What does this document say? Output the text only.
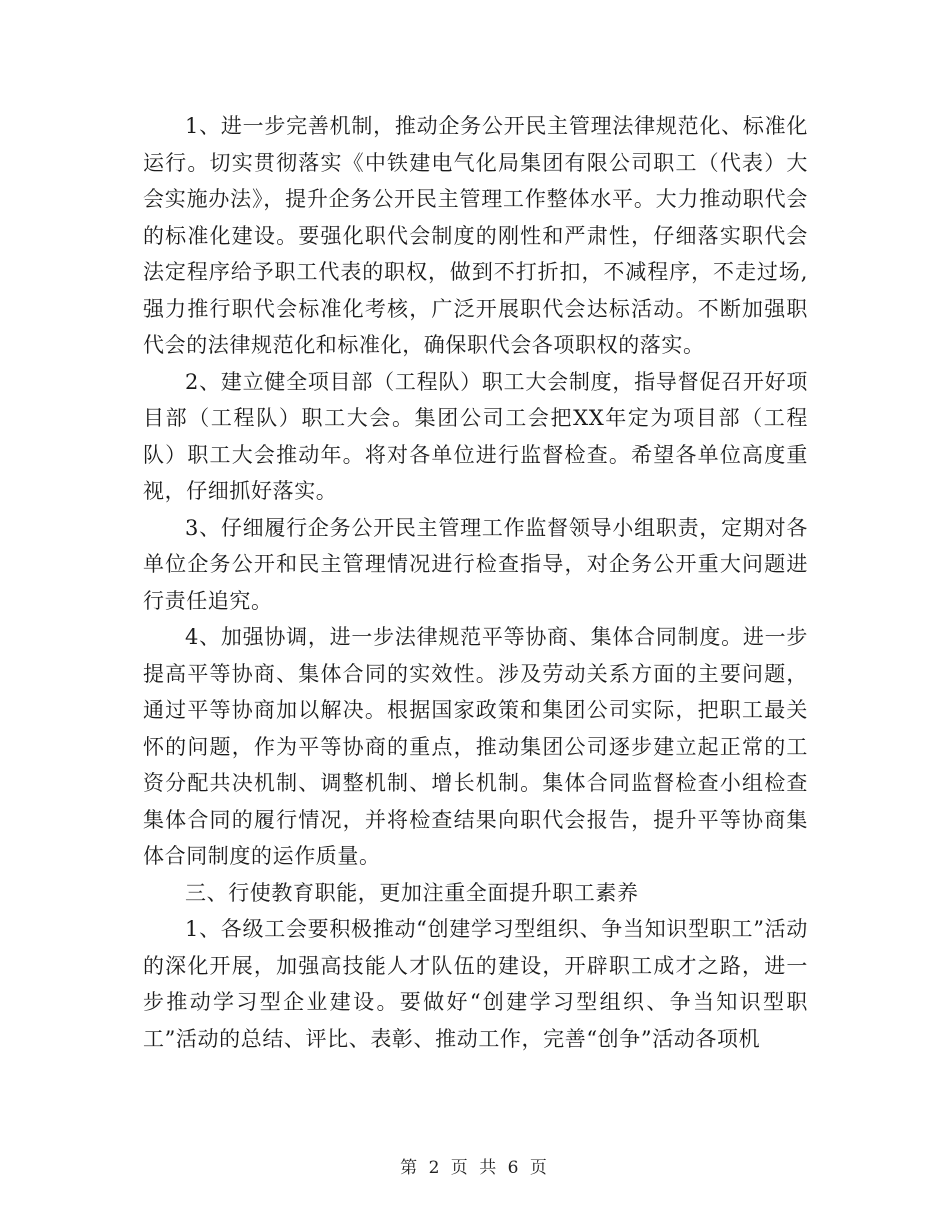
1、进一步完善机制，推动企务公开民主管理法律规范化、标准化运行。切实贯彻落实《中铁建电气化局集团有限公司职工（代表）大会实施办法》，提升企务公开民主管理工作整体水平。大力推动职代会的标准化建设。要强化职代会制度的刚性和严肃性，仔细落实职代会法定程序给予职工代表的职权，做到不打折扣，不减程序，不走过场,强力推行职代会标准化考核，广泛开展职代会达标活动。不断加强职代会的法律规范化和标准化，确保职代会各项职权的落实。

2、建立健全项目部（工程队）职工大会制度，指导督促召开好项目部（工程队）职工大会。集团公司工会把XX年定为项目部（工程队）职工大会推动年。将对各单位进行监督检查。希望各单位高度重视，仔细抓好落实。

3、仔细履行企务公开民主管理工作监督领导小组职责，定期对各单位企务公开和民主管理情况进行检查指导，对企务公开重大问题进行责任追究。

4、加强协调，进一步法律规范平等协商、集体合同制度。进一步提高平等协商、集体合同的实效性。涉及劳动关系方面的主要问题，通过平等协商加以解决。根据国家政策和集团公司实际，把职工最关怀的问题，作为平等协商的重点，推动集团公司逐步建立起正常的工资分配共决机制、调整机制、增长机制。集体合同监督检查小组检查集体合同的履行情况，并将检查结果向职代会报告，提升平等协商集体合同制度的运作质量。

三、行使教育职能，更加注重全面提升职工素养

1、各级工会要积极推动“创建学习型组织、争当知识型职工”活动的深化开展，加强高技能人才队伍的建设，开辟职工成才之路，进一步推动学习型企业建设。要做好“创建学习型组织、争当知识型职工”活动的总结、评比、表彰、推动工作，完善“创争”活动各项机

第 2 页 共 6 页
